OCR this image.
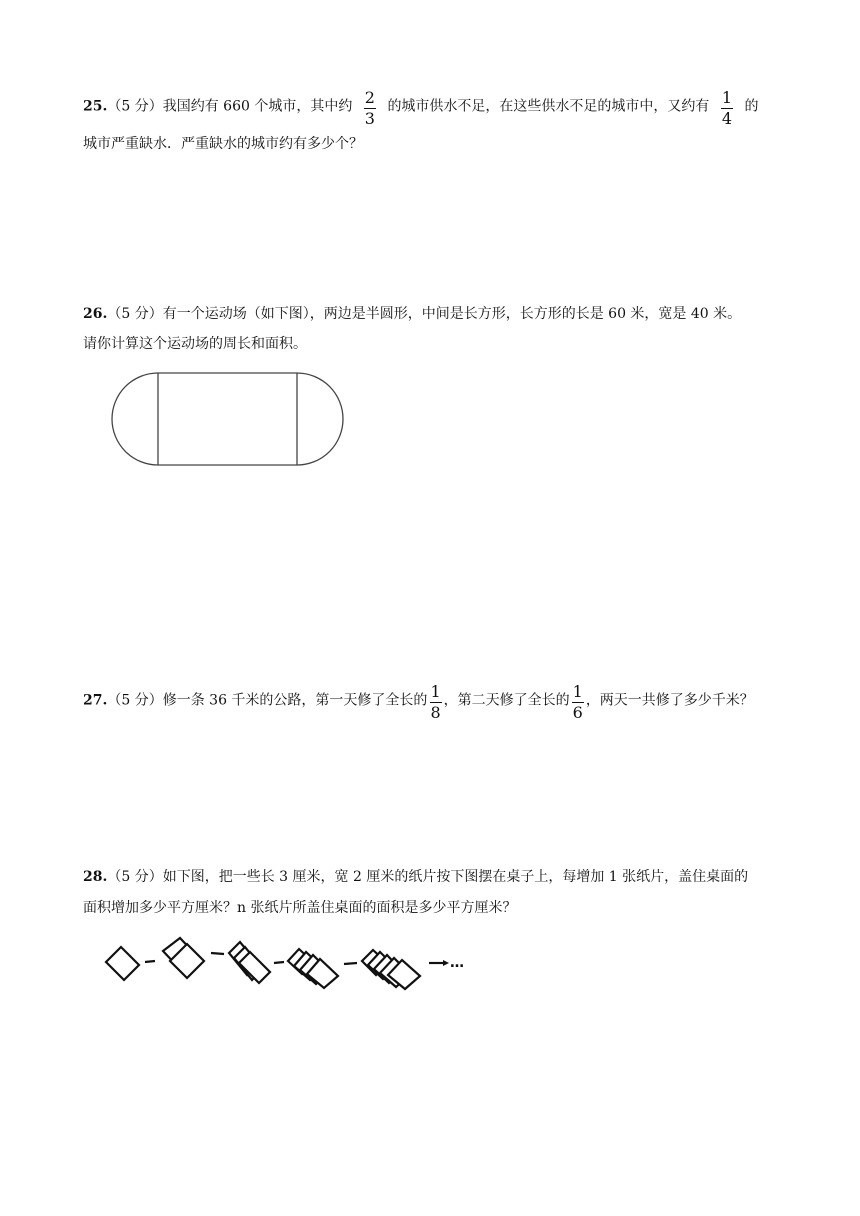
25.（5 分）我国约有 660 个城市，其中约 $\frac{2}{3}$ 的城市供水不足，在这些供水不足的城市中，又约有 $\frac{1}{4}$ 的
城市严重缺水．严重缺水的城市约有多少个？
26.（5 分）有一个运动场（如下图），两边是半圆形，中间是长方形，长方形的长是 60 米，宽是 40 米。
请你计算这个运动场的周长和面积。
27.（5 分）修一条 36 千米的公路，第一天修了全长的 $\frac{1}{8}$ ，第二天修了全长的 $\frac{1}{6}$ ，两天一共修了多少千米？
28.（5 分）如下图，把一些长 3 厘米，宽 2 厘米的纸片按下图摆在桌子上，每增加 1 张纸片，盖住桌面的
面积增加多少平方厘米？n 张纸片所盖住桌面的面积是多少平方厘米？
…
